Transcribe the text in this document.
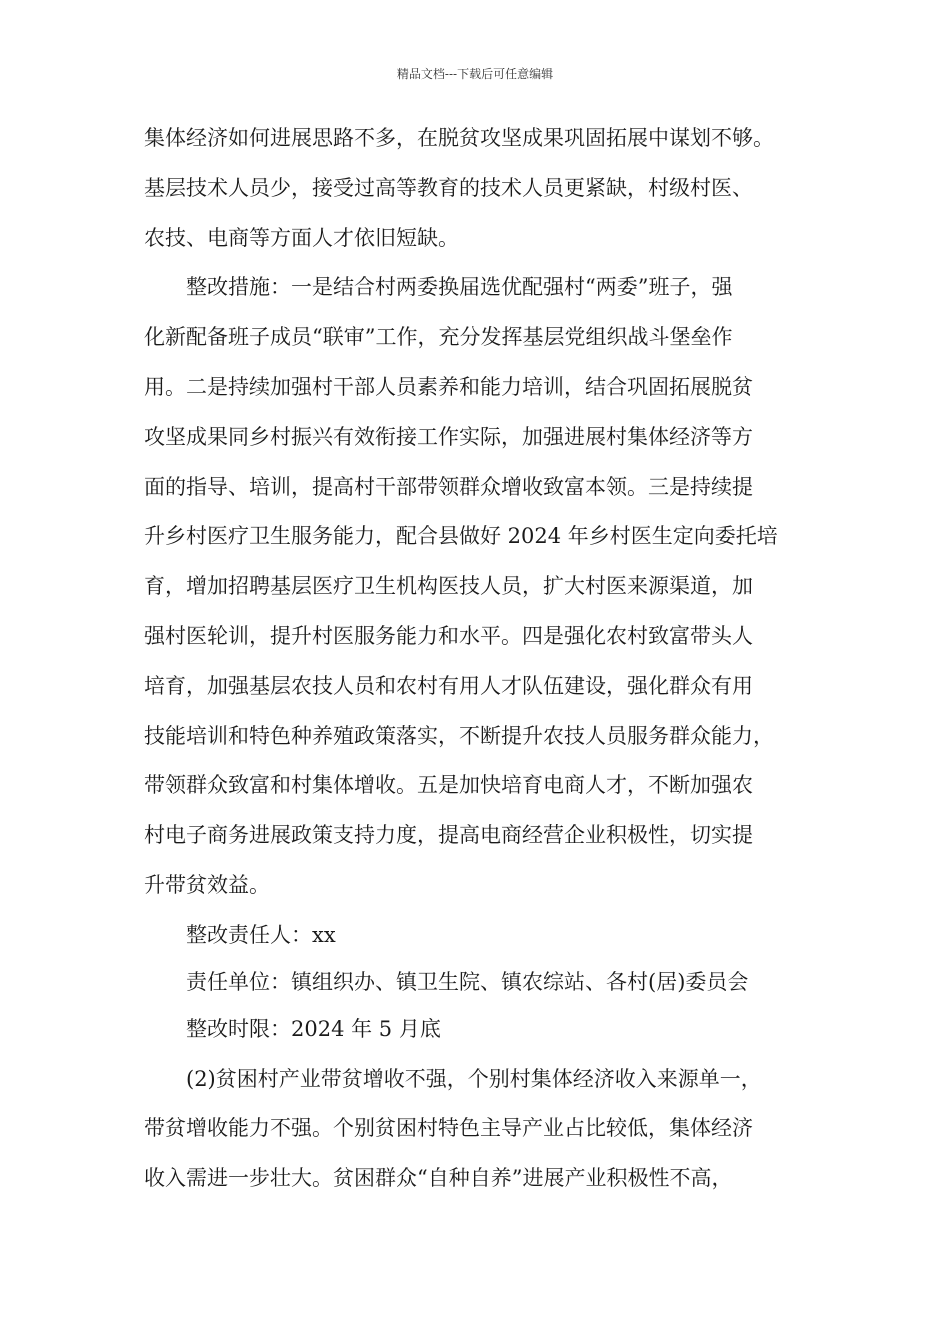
精品文档---下载后可任意编辑
集体经济如何进展思路不多，在脱贫攻坚成果巩固拓展中谋划不够。
基层技术人员少，接受过高等教育的技术人员更紧缺，村级村医、
农技、电商等方面人才依旧短缺。
整改措施：一是结合村两委换届选优配强村“两委”班子，强
化新配备班子成员“联审”工作，充分发挥基层党组织战斗堡垒作
用。二是持续加强村干部人员素养和能力培训，结合巩固拓展脱贫
攻坚成果同乡村振兴有效衔接工作实际，加强进展村集体经济等方
面的指导、培训，提高村干部带领群众增收致富本领。三是持续提
升乡村医疗卫生服务能力，配合县做好 2024 年乡村医生定向委托培
育，增加招聘基层医疗卫生机构医技人员，扩大村医来源渠道，加
强村医轮训，提升村医服务能力和水平。四是强化农村致富带头人
培育，加强基层农技人员和农村有用人才队伍建设，强化群众有用
技能培训和特色种养殖政策落实，不断提升农技人员服务群众能力，
带领群众致富和村集体增收。五是加快培育电商人才，不断加强农
村电子商务进展政策支持力度，提高电商经营企业积极性，切实提
升带贫效益。
整改责任人：xx
责任单位：镇组织办、镇卫生院、镇农综站、各村(居)委员会
整改时限：2024 年 5 月底
(2)贫困村产业带贫增收不强，个别村集体经济收入来源单一，
带贫增收能力不强。个别贫困村特色主导产业占比较低，集体经济
收入需进一步壮大。贫困群众“自种自养”进展产业积极性不高，
